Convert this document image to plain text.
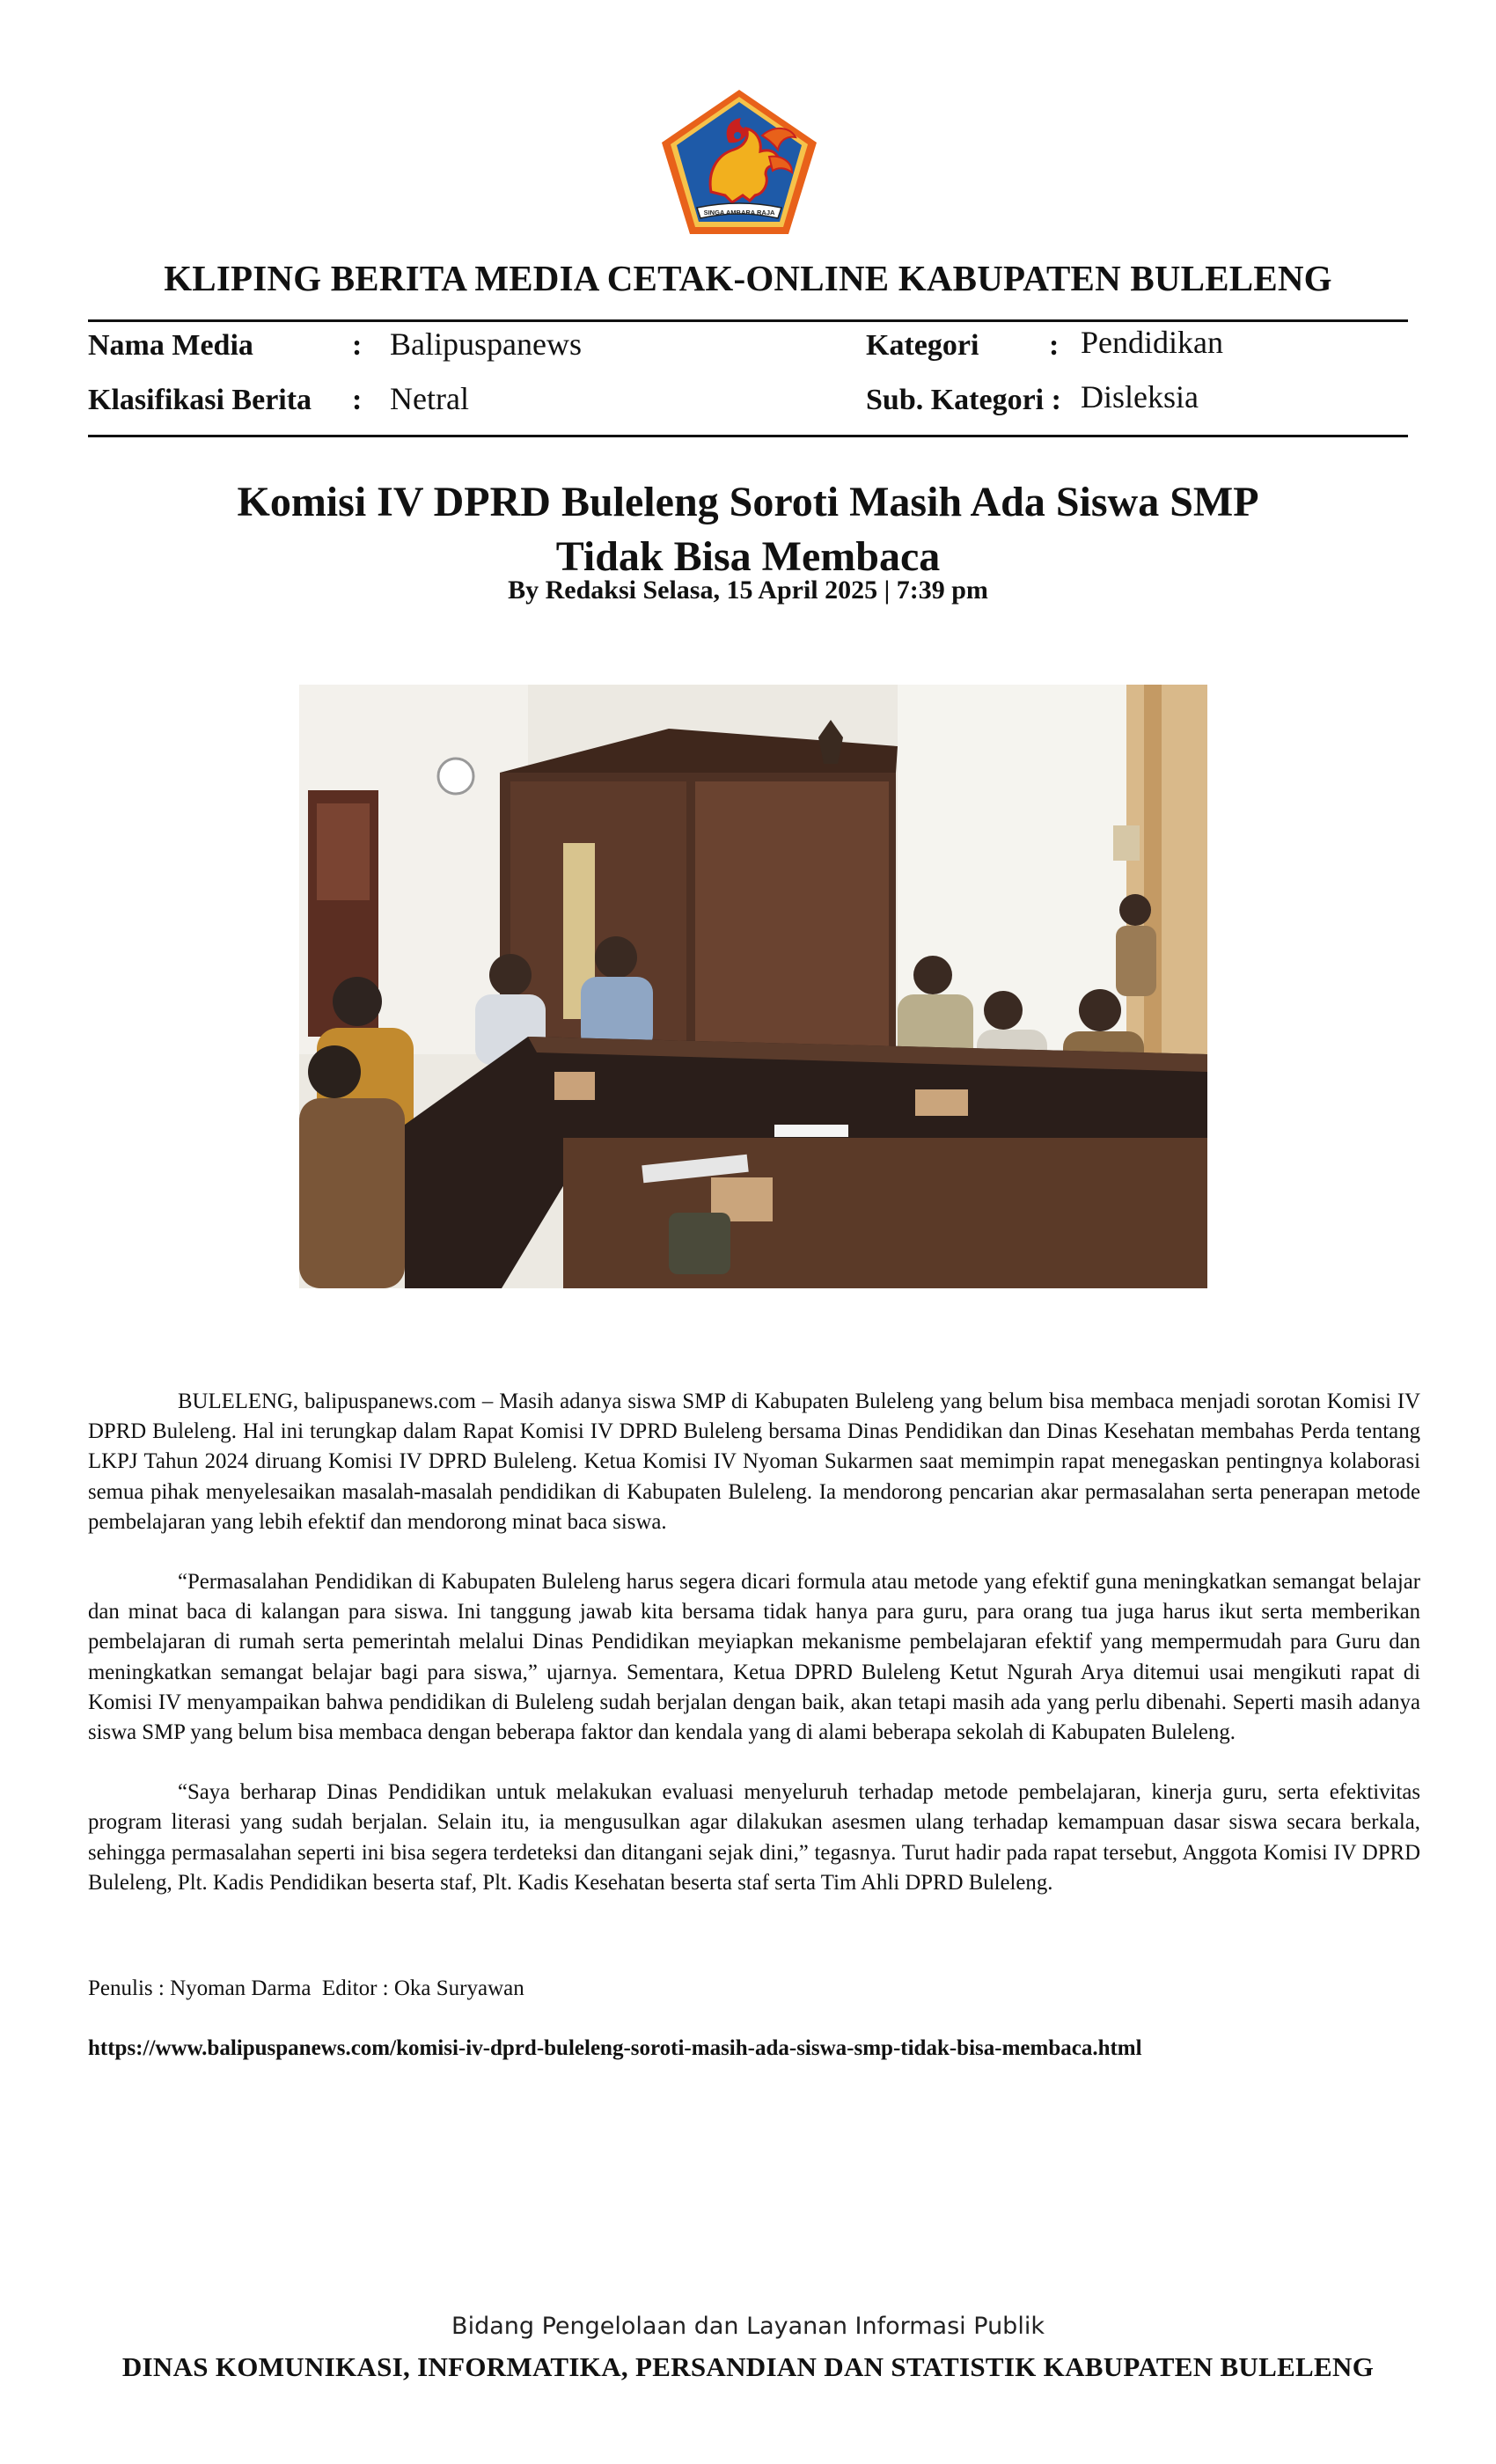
SINGA AMBARA RAJA
KLIPING BERITA MEDIA CETAK-ONLINE KABUPATEN BULELENG
Nama Media	: Balipuspanews
Klasifikasi Berita : Netral
Kategori : Pendidikan
Sub. Kategori : Disleksia
Komisi IV DPRD Buleleng Soroti Masih Ada Siswa SMP
Tidak Bisa Membaca
By Redaksi Selasa, 15 April 2025 | 7:39 pm

BULELENG, balipuspanews.com – Masih adanya siswa SMP di Kabupaten Buleleng yang belum bisa membaca menjadi sorotan Komisi IV DPRD Buleleng. Hal ini terungkap dalam Rapat Komisi IV DPRD Buleleng bersama Dinas Pendidikan dan Dinas Kesehatan membahas Perda tentang LKPJ Tahun 2024 diruang Komisi IV DPRD Buleleng. Ketua Komisi IV Nyoman Sukarmen saat memimpin rapat menegaskan pentingnya kolaborasi semua pihak menyelesaikan masalah-masalah pendidikan di Kabupaten Buleleng. Ia mendorong pencarian akar permasalahan serta penerapan metode pembelajaran yang lebih efektif dan mendorong minat baca siswa.

“Permasalahan Pendidikan di Kabupaten Buleleng harus segera dicari formula atau metode yang efektif guna meningkatkan semangat belajar dan minat baca di kalangan para siswa. Ini tanggung jawab kita bersama tidak hanya para guru, para orang tua juga harus ikut serta memberikan pembelajaran di rumah serta pemerintah melalui Dinas Pendidikan meyiapkan mekanisme pembelajaran efektif yang mempermudah para Guru dan meningkatkan semangat belajar bagi para siswa,” ujarnya. Sementara, Ketua DPRD Buleleng Ketut Ngurah Arya ditemui usai mengikuti rapat di Komisi IV menyampaikan bahwa pendidikan di Buleleng sudah berjalan dengan baik, akan tetapi masih ada yang perlu dibenahi. Seperti masih adanya siswa SMP yang belum bisa membaca dengan beberapa faktor dan kendala yang di alami beberapa sekolah di Kabupaten Buleleng.

“Saya berharap Dinas Pendidikan untuk melakukan evaluasi menyeluruh terhadap metode pembelajaran, kinerja guru, serta efektivitas program literasi yang sudah berjalan. Selain itu, ia mengusulkan agar dilakukan asesmen ulang terhadap kemampuan dasar siswa secara berkala, sehingga permasalahan seperti ini bisa segera terdeteksi dan ditangani sejak dini,” tegasnya. Turut hadir pada rapat tersebut, Anggota Komisi IV DPRD Buleleng, Plt. Kadis Pendidikan beserta staf, Plt. Kadis Kesehatan beserta staf serta Tim Ahli DPRD Buleleng.

Penulis : Nyoman Darma  Editor : Oka Suryawan
https://www.balipuspanews.com/komisi-iv-dprd-buleleng-soroti-masih-ada-siswa-smp-tidak-bisa-membaca.html
Bidang Pengelolaan dan Layanan Informasi Publik
DINAS KOMUNIKASI, INFORMATIKA, PERSANDIAN DAN STATISTIK KABUPATEN BULELENG
